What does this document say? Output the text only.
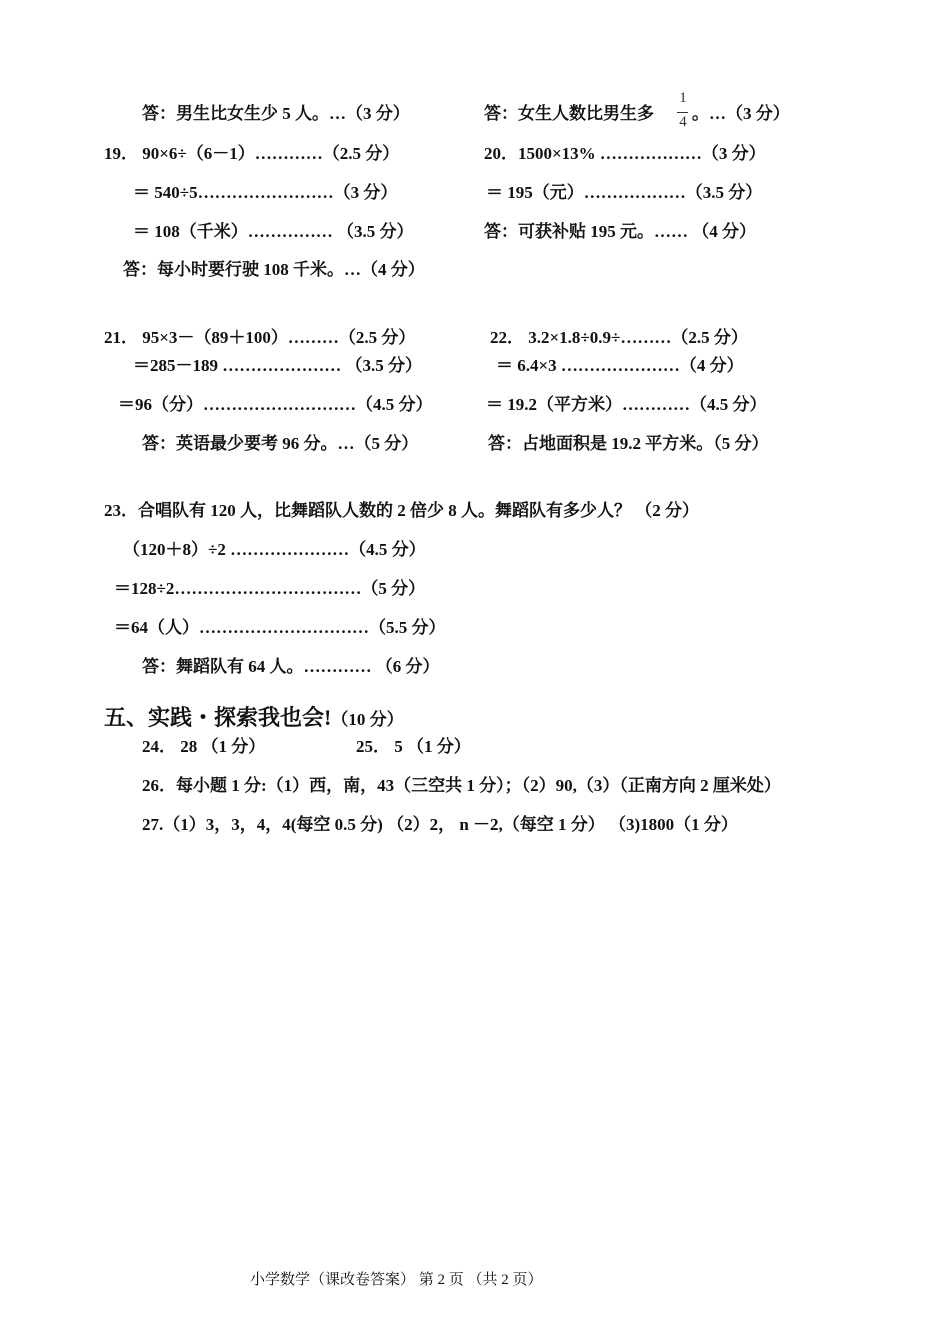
答：男生比女生少 5 人。…（3 分）	答：女生人数比男生多
1
4 。…（3 分）
19． 90×6÷（6－1）…………（2.5 分）
＝ 540÷5……………………（3 分）
＝ 108（千米）…………… （3.5 分）
答：每小时要行驶 108 千米。…（4 分）
20．1500×13% ………………（3 分）
＝ 195（元）………………（3.5 分）
答：可获补贴 195 元。…… （4 分）
21． 95×3－（89＋100）………（2.5 分）
＝285－189 ………………… （3.5 分）
＝96（分）………………………（4.5 分）
答：英语最少要考 96 分。…（5 分）
22． 3.2×1.8÷0.9÷………（2.5 分）
＝ 6.4×3 …………………（4 分）
＝ 19.2（平方米）…………（4.5 分）
答：占地面积是 19.2 平方米。（5 分）
23．合唱队有 120 人，比舞蹈队人数的 2 倍少 8 人。舞蹈队有多少人？ （2 分）
（120＋8）÷2 …………………（4.5 分）
＝128÷2……………………………（5 分）
＝64（人）…………………………（5.5 分）
答：舞蹈队有 64 人。………… （6 分）
五、实践・探索我也会!（10 分）
24． 28 （1 分）	25． 5 （1 分）
26．每小题 1 分:（1）西，南，43（三空共 1 分）；（2）90,（3）（正南方向 2 厘米处）
27.（1）3，3，4，4(每空 0.5 分) （2）2， n －2,（每空 1 分） （3)1800（1 分）
小学数学（课改卷答案） 第 2 页 （共 2 页）
